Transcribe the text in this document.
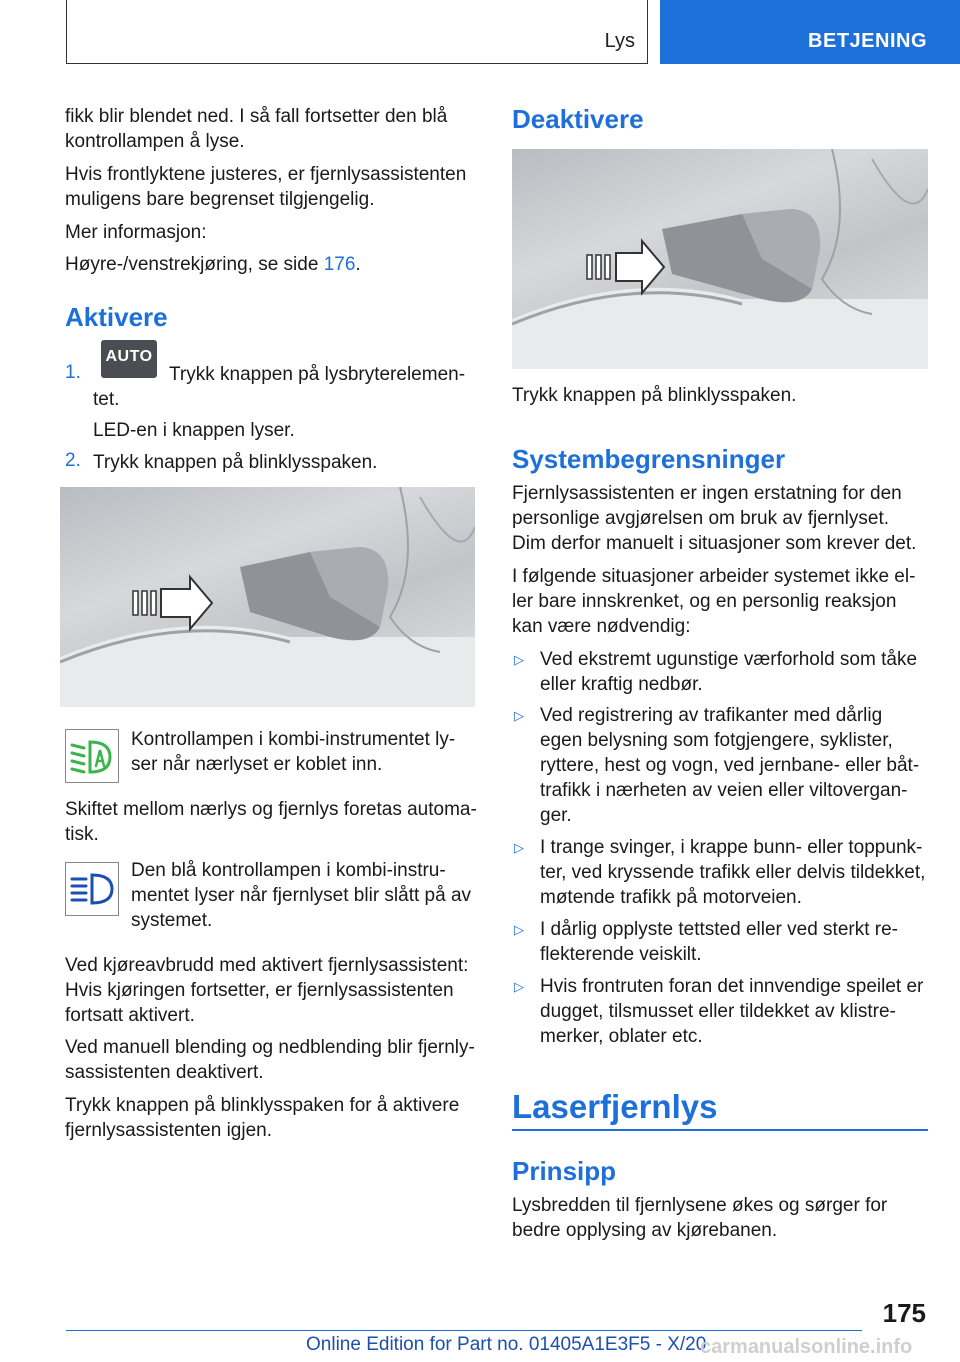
Lys	BETJENING

fikk blir blendet ned. I så fall fortsetter den blå kontrollampen å lyse.

Hvis frontlyktene justeres, er fjernlysassistenten muligens bare begrenset tilgjengelig.

Mer informasjon:

Høyre-/venstrekjøring, se side 176.

Aktivere
1.
AUTO

Trykk knappen på lysbryterelemen-tet.

LED-en i knappen lyser.

2. Trykk knappen på blinklysspaken.

Kontrollampen i kombi-instrumentet ly-ser når nærlyset er koblet inn.

Skiftet mellom nærlys og fjernlys foretas automa-tisk.

Den blå kontrollampen i kombi-instru-mentet lyser når fjernlyset blir slått på av systemet.

Ved kjøreavbrudd med aktivert fjernlysassistent: Hvis kjøringen fortsetter, er fjernlysassistenten fortsatt aktivert.

Ved manuell blending og nedblending blir fjernly-sassistenten deaktivert.

Trykk knappen på blinklysspaken for å aktivere fjernlysassistenten igjen.

Deaktivere

Trykk knappen på blinklysspaken.

Systembegrensninger

Fjernlysassistenten er ingen erstatning for den personlige avgjørelsen om bruk av fjernlyset. Dim derfor manuelt i situasjoner som krever det.

I følgende situasjoner arbeider systemet ikke el-ler bare innskrenket, og en personlig reaksjon kan være nødvendig:

▷ Ved ekstremt ugunstige værforhold som tåke eller kraftig nedbør.

▷ Ved registrering av trafikanter med dårlig egen belysning som fotgjengere, syklister, ryttere, hest og vogn, ved jernbane- eller båt-trafikk i nærheten av veien eller viltovergan-ger.

▷ I trange svinger, i krappe bunn- eller toppunk-ter, ved kryssende trafikk eller delvis tildekket, møtende trafikk på motorveien.

▷ I dårlig opplyste tettsted eller ved sterkt re-flekterende veiskilt.

▷ Hvis frontruten foran det innvendige speilet er dugget, tilsmusset eller tildekket av klistre-merker, oblater etc.

Laserfjernlys
Prinsipp

Lysbredden til fjernlysene økes og sørger for bedre opplysing av kjørebanen.

175
Online Edition for Part no. 01405A1E3F5 - X/20
carmanualsonline.info
